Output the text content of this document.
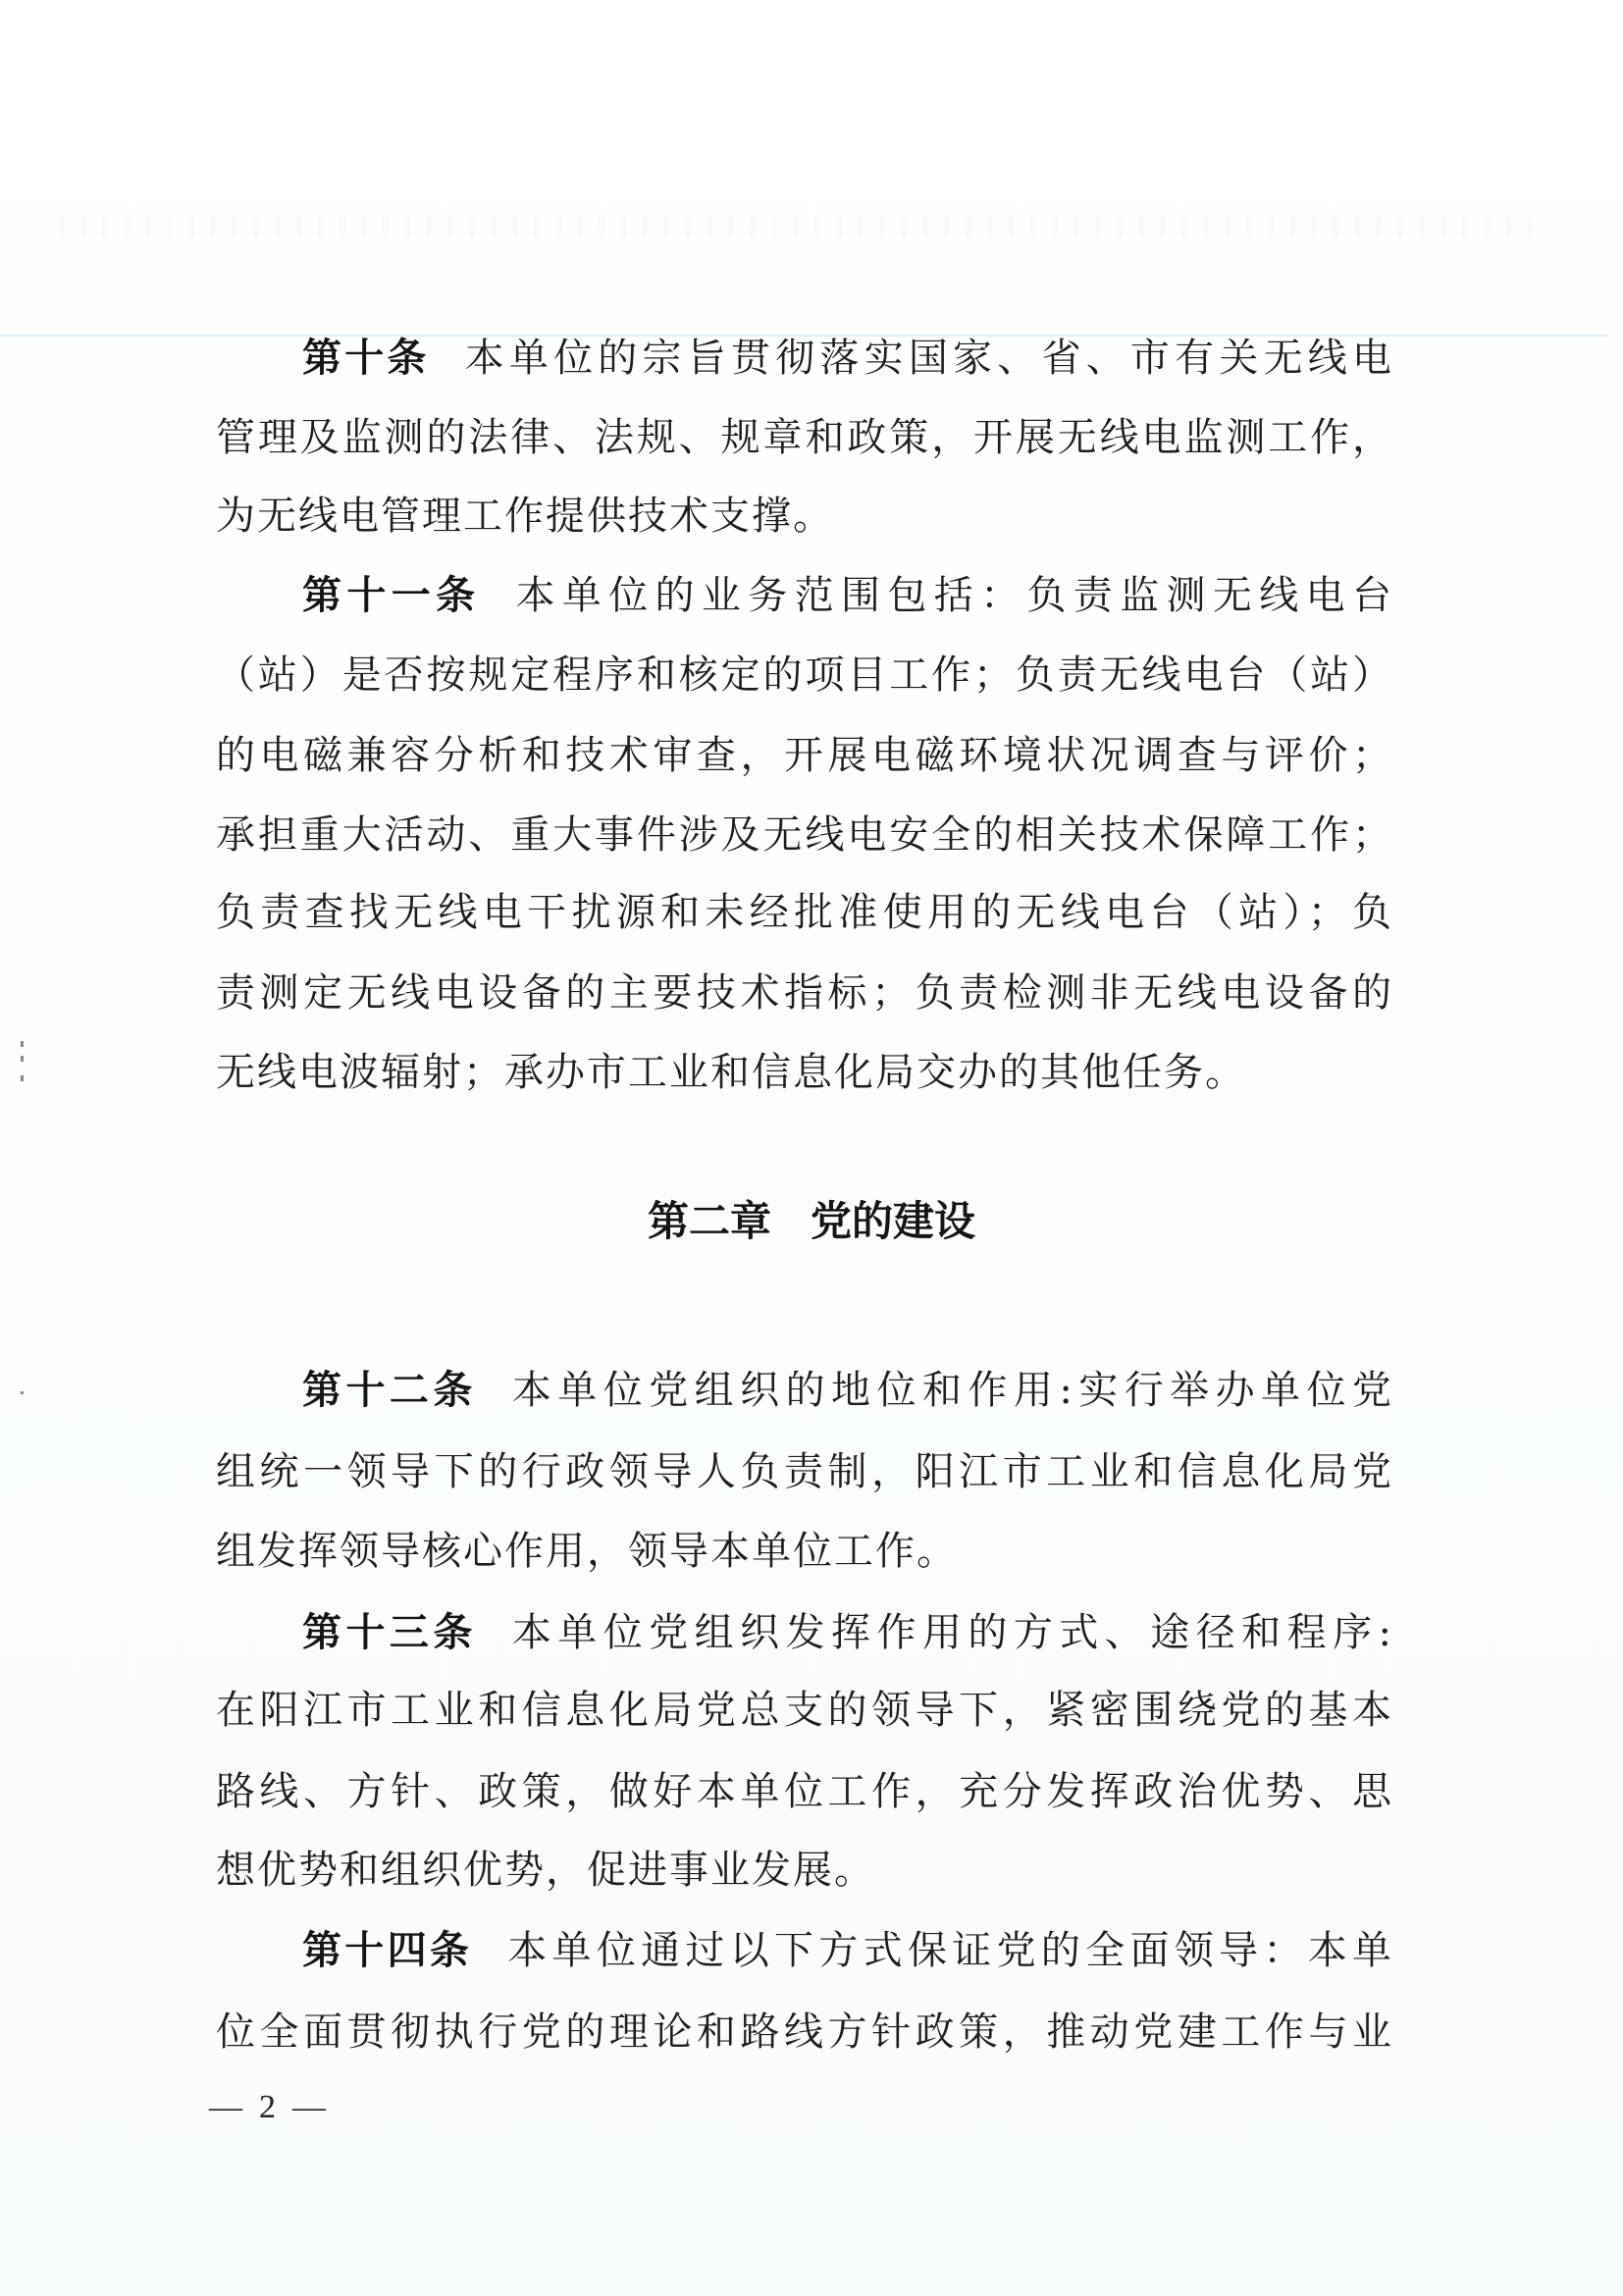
第十条 本单位的宗旨贯彻落实国家、省、市有关无线电
管理及监测的法律、法规、规章和政策，开展无线电监测工作，
为无线电管理工作提供技术支撑。
第十一条 本单位的业务范围包括：负责监测无线电台
（站）是否按规定程序和核定的项目工作；负责无线电台（站）
的电磁兼容分析和技术审查，开展电磁环境状况调查与评价；
承担重大活动、重大事件涉及无线电安全的相关技术保障工作；
负责查找无线电干扰源和未经批准使用的无线电台（站）；负
责测定无线电设备的主要技术指标；负责检测非无线电设备的
无线电波辐射；承办市工业和信息化局交办的其他任务。
第二章 党的建设
第十二条 本单位党组织的地位和作用:实行举办单位党
组统一领导下的行政领导人负责制，阳江市工业和信息化局党
组发挥领导核心作用，领导本单位工作。
第十三条 本单位党组织发挥作用的方式、途径和程序:
在阳江市工业和信息化局党总支的领导下，紧密围绕党的基本
路线、方针、政策，做好本单位工作，充分发挥政治优势、思
想优势和组织优势，促进事业发展。
第十四条 本单位通过以下方式保证党的全面领导：本单
位全面贯彻执行党的理论和路线方针政策，推动党建工作与业
—  2  —
